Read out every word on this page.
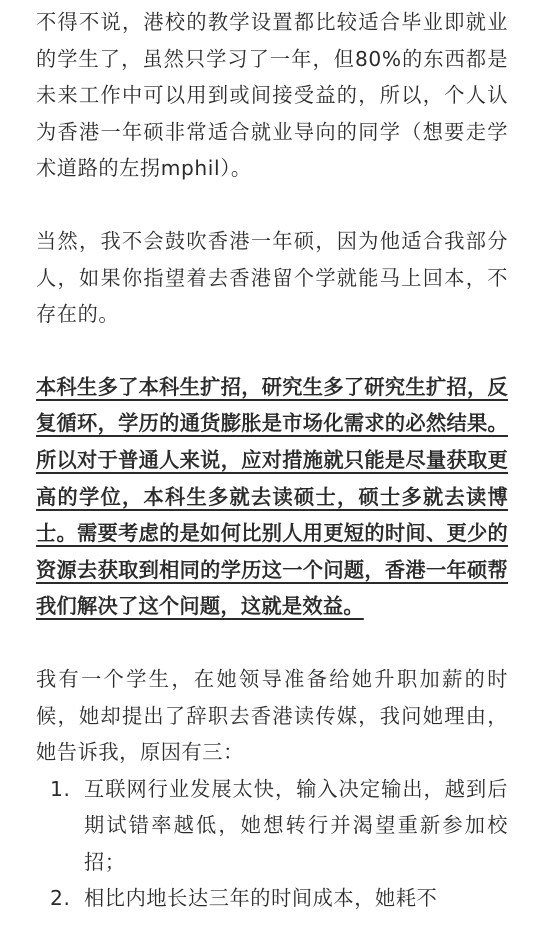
不得不说，港校的教学设置都比较适合毕业即就业的学生了，虽然只学习了一年，但80%的东西都是未来工作中可以用到或间接受益的，所以，个人认为香港一年硕非常适合就业导向的同学（想要走学术道路的左拐mphil）。

当然，我不会鼓吹香港一年硕，因为他适合我部分人，如果你指望着去香港留个学就能马上回本，不存在的。

本科生多了本科生扩招，研究生多了研究生扩招，反复循环，学历的通货膨胀是市场化需求的必然结果。所以对于普通人来说，应对措施就只能是尽量获取更高的学位，本科生多就去读硕士，硕士多就去读博士。需要考虑的是如何比别人用更短的时间、更少的资源去获取到相同的学历这一个问题，香港一年硕帮我们解决了这个问题，这就是效益。

我有一个学生，在她领导准备给她升职加薪的时候，她却提出了辞职去香港读传媒，我问她理由，她告诉我，原因有三：

1. 互联网行业发展太快，输入决定输出，越到后期试错率越低，她想转行并渴望重新参加校招；
2. 相比内地长达三年的时间成本，她耗不
